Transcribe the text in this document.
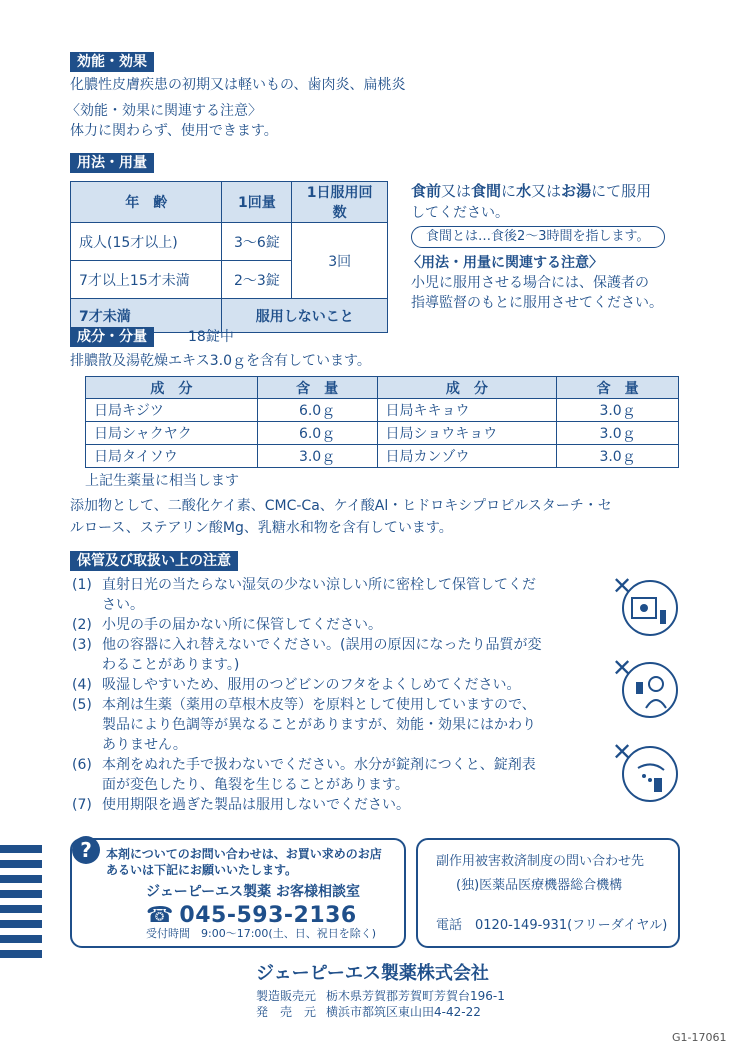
効能・効果
化膿性皮膚疾患の初期又は軽いもの、歯肉炎、扁桃炎
〈効能・効果に関連する注意〉
体力に関わらず、使用できます。
用法・用量
年　齢	1回量	1日服用回数
成人(15才以上)	3～6錠	3回
7才以上15才未満	2～3錠	
7才未満	服用しないこと	
食前又は食間に水又はお湯にて服用
してください。
食間とは…食後2～3時間を指します。
〈用法・用量に関連する注意〉
小児に服用させる場合には、保護者の
指導監督のもとに服用させてください。
成分・分量	18錠中
排膿散及湯乾燥エキス3.0ｇを含有しています。
成　分	含　量	成　分	含　量
日局キジツ	6.0ｇ	日局キキョウ	3.0ｇ
日局シャクヤク	6.0ｇ	日局ショウキョウ	3.0ｇ
日局タイソウ	3.0ｇ	日局カンゾウ	3.0ｇ
上記生薬量に相当します
添加物として、二酸化ケイ素、CMC-Ca、ケイ酸Al・ヒドロキシプロピルスターチ・セ
ルロース、ステアリン酸Mg、乳糖水和物を含有しています。
保管及び取扱い上の注意
(1) 直射日光の当たらない湿気の少ない涼しい所に密栓して保管してくだ
さい。
(2) 小児の手の届かない所に保管してください。
(3) 他の容器に入れ替えないでください。(誤用の原因になったり品質が変
わることがあります。)
(4) 吸湿しやすいため、服用のつどビンのフタをよくしめてください。
(5) 本剤は生薬（薬用の草根木皮等）を原料として使用していますので、
製品により色調等が異なることがありますが、効能・効果にはかわり
ありません。
(6) 本剤をぬれた手で扱わないでください。水分が錠剤につくと、錠剤表
面が変色したり、亀裂を生じることがあります。
(7) 使用期限を過ぎた製品は服用しないでください。
✕
✕
✕
?	本剤についてのお問い合わせは、お買い求めのお店
あるいは下記にお願いいたします。
ジェーピーエス製薬 お客様相談室
☎ 045-593-2136
受付時間　9:00～17:00(土、日、祝日を除く)
副作用被害救済制度の問い合わせ先
(独)医薬品医療機器総合機構
電話　0120-149-931(フリーダイヤル)
ジェーピーエス製薬株式会社
製造販売元 栃木県芳賀郡芳賀町芳賀台196-1
発　売　元 横浜市都筑区東山田4-42-22
G1-17061
